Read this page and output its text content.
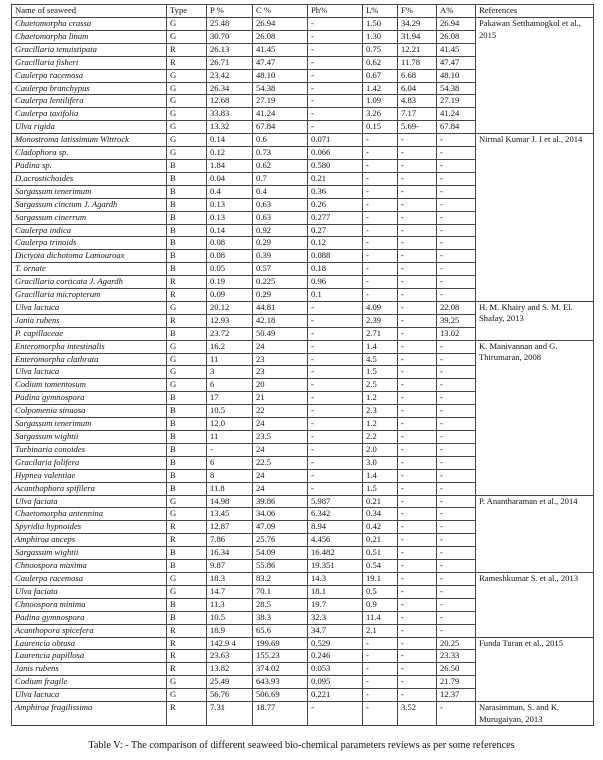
Name of seaweed	Type	P %	C %	Ph%	L%	F%	A%	References
Chaetomorpha crassa	G	25.48	26.94	-	1.50	34.29	26.94	Pakawan Setthamogkol et al., 2015
Chaetomorpha linum	G	30.70	26.08	-	1.30	31.94	26.08	
Gracillaria tenuistipata	R	26.13	41.45	-	0.75	12.21	41.45	
Gracillaria fisheri	R	26.71	47.47	-	0.62	11.78	47.47	
Caulerpa racemosa	G	23.42	48.10	-	0.67	6.68	48.10	
Caulerpa branchypus	G	26.34	54.38	-	1.42	6.04	54.38	
Caulerpa lentilifera	G	12.68	27.19	-	1.09	4.83	27.19	
Caulerpa taxifolia	G	33.83	41.24	-	3.26	7.17	41.24	
Ulva rigida	G	13.32	67.84	-	0.15	5.69-	67.84	
Monostroma latissimum Wittrock	G	0.14	0.6	0.071	-	-	-	Nirmal Kumar J. I et al., 2014
Cladophora sp.	G	0.12	0.73	0.066	-	-	-	
Padina sp.	B	1.84	0.62	0.580	-	-	-	
D.acrostichoides	B	0.04	0.7	0.21	-	-	-	
Sargassum tenerimum	B	0.4	0.4	0.36	-	-	-	
Sargassum cinctum J. Agardh	B	0.13	0.63	0.26	-	-	-	
Sargassum cinerrum	B	0.13	0.63	0.277	-	-	-	
Caulerpa indica	B	0.14	0.92	0.27	-	-	-	
Caulerpa trinoids	B	0.08	0.29	0.12	-	-	-	
Dictyota dichotoma Lamouroax	B	0.08	0.39	0.088	-	-	-	
T. ornate	B	0.05	0.57	0.18	-	-	-	
Gracillaria corticata J. Agardh	R	0.19	0.225	0.96	-	-	-	
Gracillaria micropterum	R	0.09	0.29	0.1	-	-	-	
Ulva lactuca	G	20.12	44.81	-	4.09	-	22.08	H. M. Khairy and S. M. El. Shafay, 2013
Jania rubens	R	12.93	42.18	-	2.39	-	39.25	
P. capillaceae	B	23.72	50.49	-	2.71	-	13.02	
Enteromorpha intestinalis	G	16.2	24	-	1.4	-	-	K. Manivannan and G. Thirumaran, 2008
Enteromorpha clathrata	G	11	23	-	4.5	-	-	
Ulva lactuca	G	3	23	-	1.5	-	-	
Codium tomentosum	G	6	20	-	2.5	-	-	
Padina gymnospora	B	17	21	-	1.2	-	-	
Colpomenia sinuosa	B	10.5	22	-	2.3	-	-	
Sargassum tenerimum	B	12.0	24	-	1.2	-	-	
Sargassum wightii	B	11	23.5	-	2.2	-	-	
Turbinaria conoides	B	-	24	-	2.0	-	-	
Gracilaria folifera	B	6	22.5	-	3.0	-	-	
Hypnea valentiae	B	8	24	-	1.4	-	-	
Acanthophora spifilera	B	11.8	24	-	1.5	-	-	
Ulva faciata	G	14.98	39.86	5.987	0.21	-	-	P. Anantharaman et al., 2014
Chaetomorpha antennina	G	13.45	34.06	6.342	0.34	-	-	
Spyridia hypnoides	R	12.87	47.09	8.94	0.42	-	-	
Amphiroa anceps	R	7.86	25.76	4.456	0.21	-	-	
Sargassum wightii	B	16.34	54.09	16.482	0.51	-	-	
Chnoospora maxima	B	9.87	55.86	19.351	0.54	-	-	
Caulerpa racemosa	G	18.3	83.2	14.3	19.1	-	-	Rameshkumar S. et al., 2013
Ulva faciata	G	14.7	70.1	18.1	0.5	-	-	
Chnoospora minima	B	11.3	28.5	19.7	0.9	-	-	
Padina gymnospora	B	10.5	38.3	32.3	11.4	-	-	
Acanthopora spicefera	R	18.9	65.6	34.7	2.1	-	-	
Laurencia obtusa	R	142.9 4	199.69	0.529	-	-	20.25	Funda Turan et al., 2015
Laurencia papillosa	R	23.63	155.23	0.246	-	-	23.33	
Janis rubens	R	13.82	374.02	0.053	-	-	26.50	
Codium fragile	G	25.49	643.93	0.095	-	-	21.79	
Ulva lactuca	G	56.76	506.69	0.221	-	-	12.37	
Amphiroa fragilissima	R	7.31	18.77	-	-	3.52	-	Narasimman, S. and K. Murugaiyan, 2013
Table V: - The comparison of different seaweed bio-chemical parameters reviews as per some references
